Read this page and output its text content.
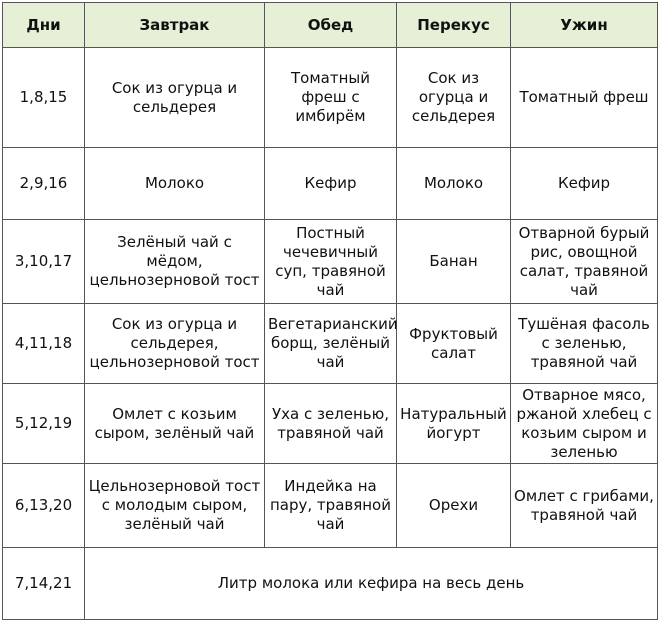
Дни	Завтрак	Обед	Перекус	Ужин
1,8,15	Сок из огурца и сельдерея	Томатный фреш с имбирём	Сок из огурца и сельдерея	Томатный фреш
2,9,16	Молоко	Кефир	Молоко	Кефир
3,10,17	Зелёный чай с мёдом, цельнозерновой тост	Постный чечевичный суп, травяной чай	Банан	Отварной бурый рис, овощной салат, травяной чай
4,11,18	Сок из огурца и сельдерея, цельнозерновой тост	Вегетарианский борщ, зелёный чай	Фруктовый салат	Тушёная фасоль с зеленью, травяной чай
5,12,19	Омлет с козьим сыром, зелёный чай	Уха с зеленью, травяной чай	Натуральный йогурт	Отварное мясо, ржаной хлебец с козьим сыром и зеленью
6,13,20	Цельнозерновой тост с молодым сыром, зелёный чай	Индейка на пару, травяной чай	Орехи	Омлет с грибами, травяной чай
7,14,21	Литр молока или кефира на весь день			
